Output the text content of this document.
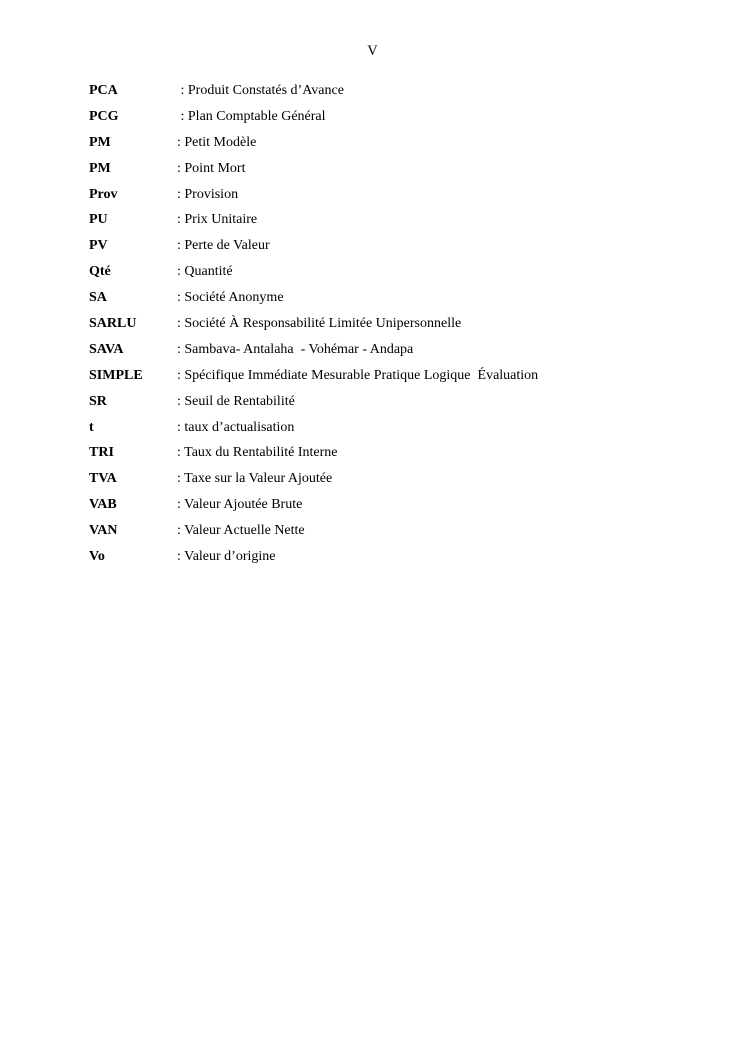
V
PCA	: Produit Constatés d’Avance
PCG	: Plan Comptable Général
PM	: Petit Modèle
PM	: Point Mort
Prov	: Provision
PU	: Prix Unitaire
PV	: Perte de Valeur
Qté	: Quantité
SA	: Société Anonyme
SARLU	: Société À Responsabilité Limitée Unipersonnelle
SAVA	: Sambava- Antalaha  - Vohémar - Andapa
SIMPLE	: Spécifique Immédiate Mesurable Pratique Logique  Évaluation
SR	: Seuil de Rentabilité
t	: taux d’actualisation
TRI	: Taux du Rentabilité Interne
TVA	: Taxe sur la Valeur Ajoutée
VAB	: Valeur Ajoutée Brute
VAN	: Valeur Actuelle Nette
Vo	: Valeur d’origine
